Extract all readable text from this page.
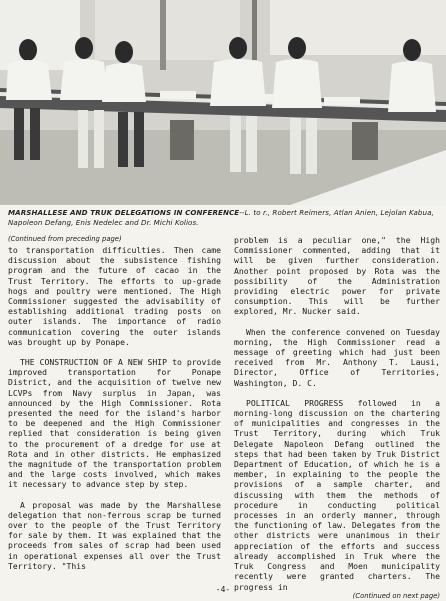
MARSHALLESE AND TRUK DELEGATIONS IN CONFERENCE--L. to r., Robert Reimers, Atlan Anien, Lejolan Kabua, Napoleon Defang, Enis Nedelec and Dr. Michi Kolios.

(Continued from preceding page)

to transportation difficulties. Then came discussion about the subsistence fishing program and the future of cacao in the Trust Territory. The efforts to up-grade hogs and poultry were mentioned. The High Commissioner suggested the advisability of establishing additional trading posts on outer islands. The importance of radio communication covering the outer islands was brought up by Ponape.

THE CONSTRUCTION OF A NEW SHIP to provide improved transportation for Ponape District, and the acquisition of twelve new LCVPs from Navy surplus in Japan, was announced by the High Commissioner. Rota presented the need for the island's harbor to be deepened and the High Commissioner replied that consideration is being given to the procurement of a dredge for use at Rota and in other districts. He emphasized the magnitude of the transportation problem and the large costs involved, which makes it necessary to advance step by step.

A proposal was made by the Marshallese delegation that non-ferrous scrap be turned over to the people of the Trust Territory for sale by them. It was explained that the proceeds from sales of scrap had been used in operational expenses all over the Trust Territory. "This

problem is a peculiar one," the High Commissioner commented, adding that it will be given further consideration. Another point proposed by Rota was the possibility of the Administration providing electric power for private consumption. This will be further explored, Mr. Nucker said.

When the conference convened on Tuesday morning, the High Commissioner read a message of greeting which had just been received from Mr. Anthony T. Lausi, Director, Office of Territories, Washington, D. C.

POLITICAL PROGRESS followed in a morning-long discussion on the chartering of municipalities and congresses in the Trust Territory, during which Truk Delegate Napoleon Defang outlined the steps that had been taken by Truk District Department of Education, of which he is a member, in explaining to the people the provisions of a sample charter, and discussing with them the methods of procedure in conducting political processes in an orderly manner, through the functioning of law. Delegates from the other districts were unanimous in their appreciation of the efforts and success already accomplished in Truk where the Truk Congress and Moen municipality recently were granted charters. The progress in

(Continued on next page)

-4-
